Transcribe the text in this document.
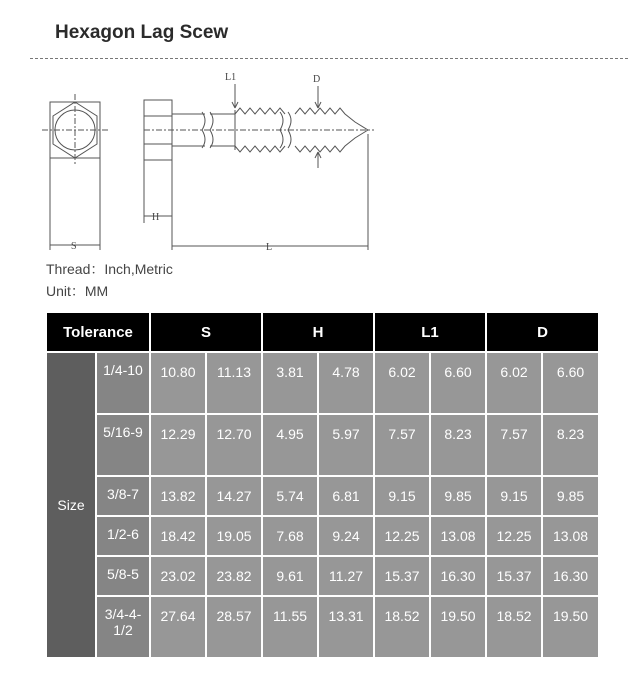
Hexagon Lag Scew
L1	D
H
S	L
Thread：Inch,Metric
Unit：MM
Tolerance		S		H		L1		D	
Size	1/4-10	10.80	11.13	3.81	4.78	6.02	6.60	6.02	6.60
	5/16-9	12.29	12.70	4.95	5.97	7.57	8.23	7.57	8.23
	3/8-7	13.82	14.27	5.74	6.81	9.15	9.85	9.15	9.85
	1/2-6	18.42	19.05	7.68	9.24	12.25	13.08	12.25	13.08
	5/8-5	23.02	23.82	9.61	11.27	15.37	16.30	15.37	16.30
	3/4-4-1/2	27.64	28.57	11.55	13.31	18.52	19.50	18.52	19.50
